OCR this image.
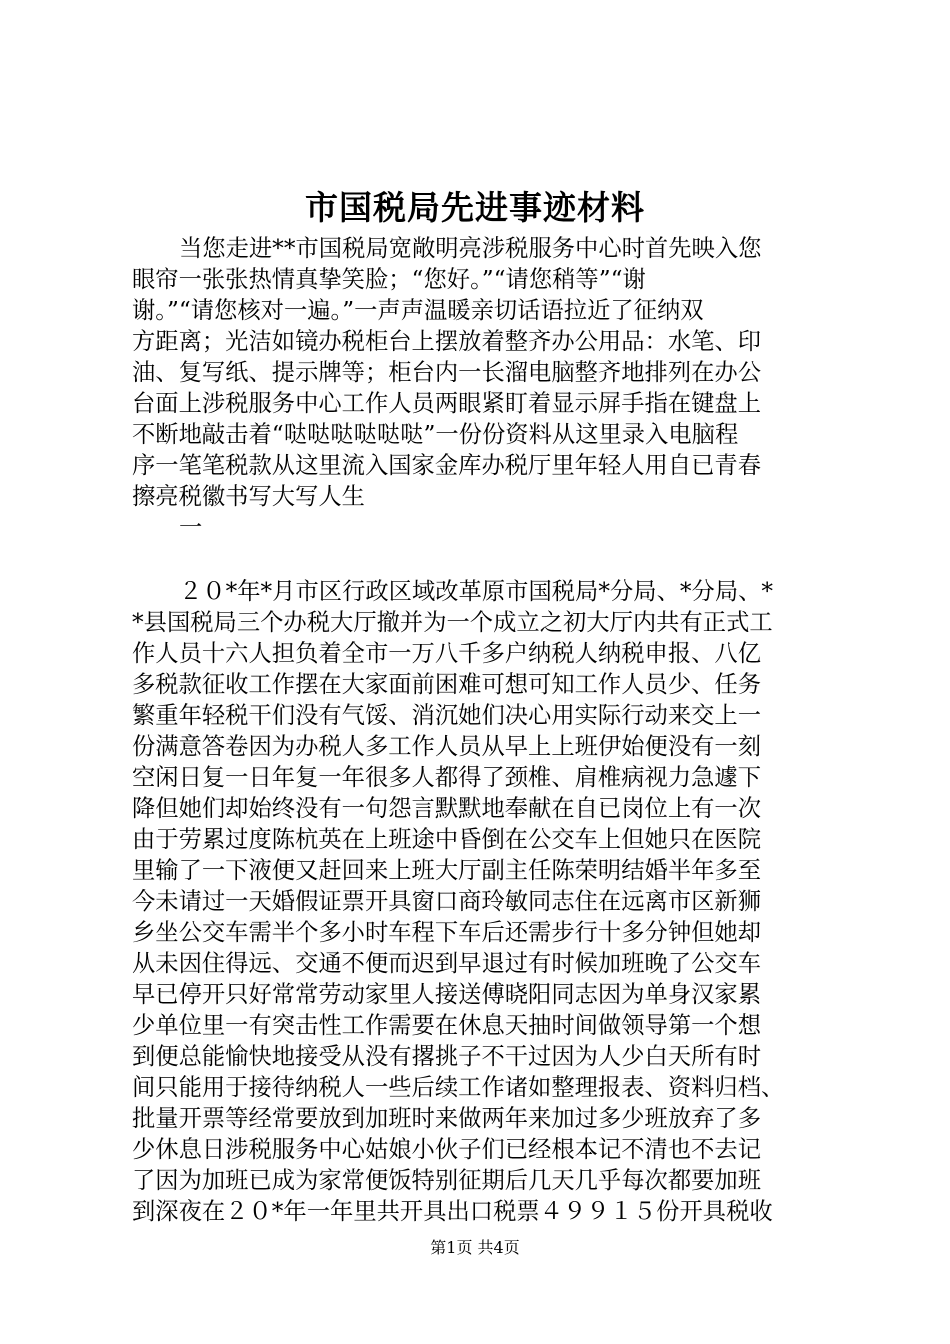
市国税局先进事迹材料
当您走进**市国税局宽敞明亮涉税服务中心时首先映入您
眼帘一张张热情真挚笑脸；“您好。”“请您稍等”“谢
谢。”“请您核对一遍。”一声声温暖亲切话语拉近了征纳双
方距离；光洁如镜办税柜台上摆放着整齐办公用品：水笔、印
油、复写纸、提示牌等；柜台内一长溜电脑整齐地排列在办公
台面上涉税服务中心工作人员两眼紧盯着显示屏手指在键盘上
不断地敲击着“哒哒哒哒哒哒”一份份资料从这里录入电脑程
序一笔笔税款从这里流入国家金库办税厅里年轻人用自已青春
擦亮税徽书写大写人生
一
２０*年*月市区行政区域改革原市国税局*分局、*分局、*
*县国税局三个办税大厅撤并为一个成立之初大厅内共有正式工
作人员十六人担负着全市一万八千多户纳税人纳税申报、八亿
多税款征收工作摆在大家面前困难可想可知工作人员少、任务
繁重年轻税干们没有气馁、消沉她们决心用实际行动来交上一
份满意答卷因为办税人多工作人员从早上上班伊始便没有一刻
空闲日复一日年复一年很多人都得了颈椎、肩椎病视力急遽下
降但她们却始终没有一句怨言默默地奉献在自已岗位上有一次
由于劳累过度陈杭英在上班途中昏倒在公交车上但她只在医院
里输了一下液便又赶回来上班大厅副主任陈荣明结婚半年多至
今未请过一天婚假证票开具窗口商玲敏同志住在远离市区新狮
乡坐公交车需半个多小时车程下车后还需步行十多分钟但她却
从未因住得远、交通不便而迟到早退过有时候加班晚了公交车
早已停开只好常常劳动家里人接送傅晓阳同志因为单身汉家累
少单位里一有突击性工作需要在休息天抽时间做领导第一个想
到便总能愉快地接受从没有撂挑子不干过因为人少白天所有时
间只能用于接待纳税人一些后续工作诸如整理报表、资料归档、
批量开票等经常要放到加班时来做两年来加过多少班放弃了多
少休息日涉税服务中心姑娘小伙子们已经根本记不清也不去记
了因为加班已成为家常便饭特别征期后几天几乎每次都要加班
到深夜在２０*年一年里共开具出口税票４９９１５份开具税收
第1页 共4页
